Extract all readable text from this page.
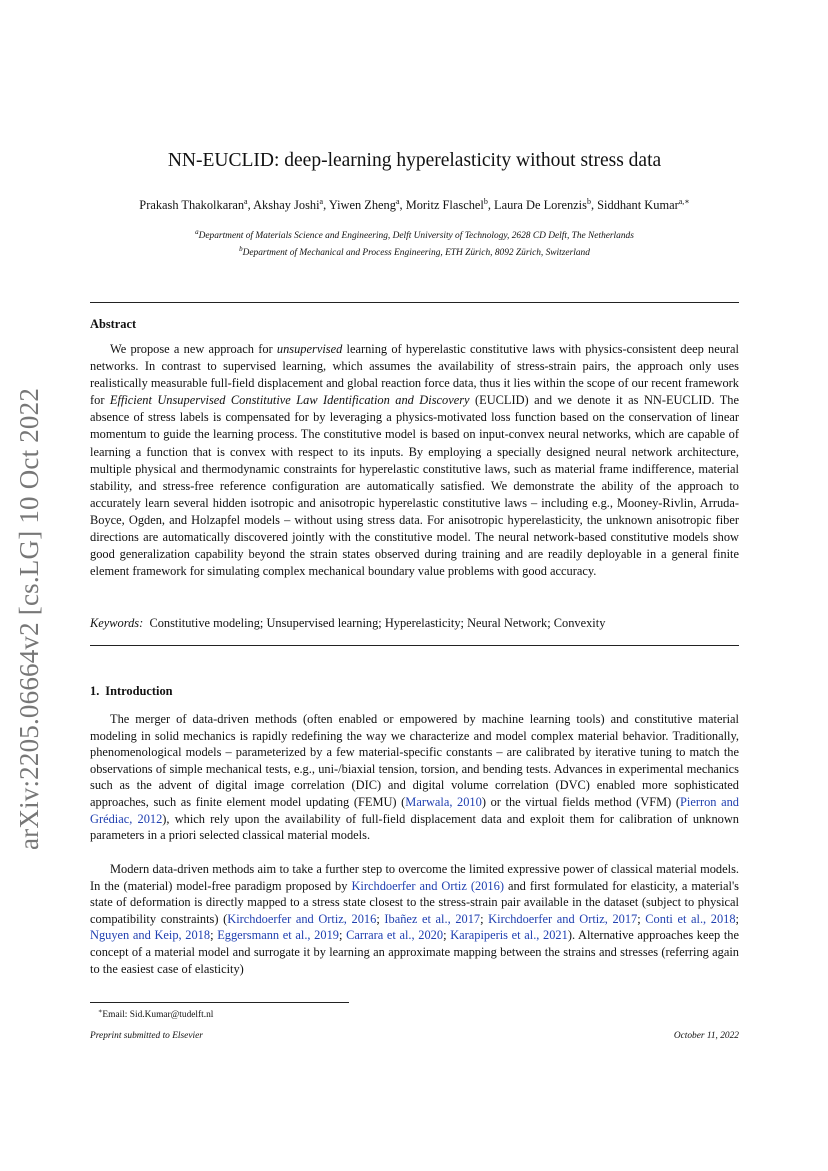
arXiv:2205.06664v2 [cs.LG] 10 Oct 2022
NN-EUCLID: deep-learning hyperelasticity without stress data
Prakash Thakolkaran$^a$, Akshay Joshi$^a$, Yiwen Zheng$^a$, Moritz Flaschel$^b$, Laura De Lorenzis$^b$, Siddhant Kumar$^{a,∗}$
$^a$Department of Materials Science and Engineering, Delft University of Technology, 2628 CD Delft, The Netherlands
$^b$Department of Mechanical and Process Engineering, ETH Zürich, 8092 Zürich, Switzerland
Abstract

We propose a new approach for unsupervised learning of hyperelastic constitutive laws with physics-consistent deep neural networks. In contrast to supervised learning, which assumes the availability of stress-strain pairs, the approach only uses realistically measurable full-field displacement and global reaction force data, thus it lies within the scope of our recent framework for Efficient Unsupervised Constitutive Law Identification and Discovery (EUCLID) and we denote it as NN-EUCLID. The absence of stress labels is compensated for by leveraging a physics-motivated loss function based on the conservation of linear momentum to guide the learning process. The constitutive model is based on input-convex neural networks, which are capable of learning a function that is convex with respect to its inputs. By employing a specially designed neural network architecture, multiple physical and thermodynamic constraints for hyperelastic constitutive laws, such as material frame indifference, material stability, and stress-free reference configuration are automatically satisfied. We demonstrate the ability of the approach to accurately learn several hidden isotropic and anisotropic hyperelastic constitutive laws – including e.g., Mooney-Rivlin, Arruda-Boyce, Ogden, and Holzapfel models – without using stress data. For anisotropic hyperelasticity, the unknown anisotropic fiber directions are automatically discovered jointly with the constitutive model. The neural network-based constitutive models show good generalization capability beyond the strain states observed during training and are readily deployable in a general finite element framework for simulating complex mechanical boundary value problems with good accuracy.

Keywords: Constitutive modeling; Unsupervised learning; Hyperelasticity; Neural Network; Convexity
1. Introduction

The merger of data-driven methods (often enabled or empowered by machine learning tools) and constitutive material modeling in solid mechanics is rapidly redefining the way we characterize and model complex material behavior. Traditionally, phenomenological models – parameterized by a few material-specific constants – are calibrated by iterative tuning to match the observations of simple mechanical tests, e.g., uni-/biaxial tension, torsion, and bending tests. Advances in experimental mechanics such as the advent of digital image correlation (DIC) and digital volume correlation (DVC) enabled more sophisticated approaches, such as finite element model updating (FEMU) (Marwala, 2010) or the virtual fields method (VFM) (Pierron and Grédiac, 2012), which rely upon the availability of full-field displacement data and exploit them for calibration of unknown parameters in a priori selected classical material models.

Modern data-driven methods aim to take a further step to overcome the limited expressive power of classical material models. In the (material) model-free paradigm proposed by Kirchdoerfer and Ortiz (2016) and first formulated for elasticity, a material's state of deformation is directly mapped to a stress state closest to the stress-strain pair available in the dataset (subject to physical compatibility constraints) (Kirchdoerfer and Ortiz, 2016; Ibañez et al., 2017; Kirchdoerfer and Ortiz, 2017; Conti et al., 2018; Nguyen and Keip, 2018; Eggersmann et al., 2019; Carrara et al., 2020; Karapiperis et al., 2021). Alternative approaches keep the concept of a material model and surrogate it by learning an approximate mapping between the strains and stresses (referring again to the easiest case of elasticity)

∗Email: Sid.Kumar@tudelft.nl
Preprint submitted to Elsevier	October 11, 2022
